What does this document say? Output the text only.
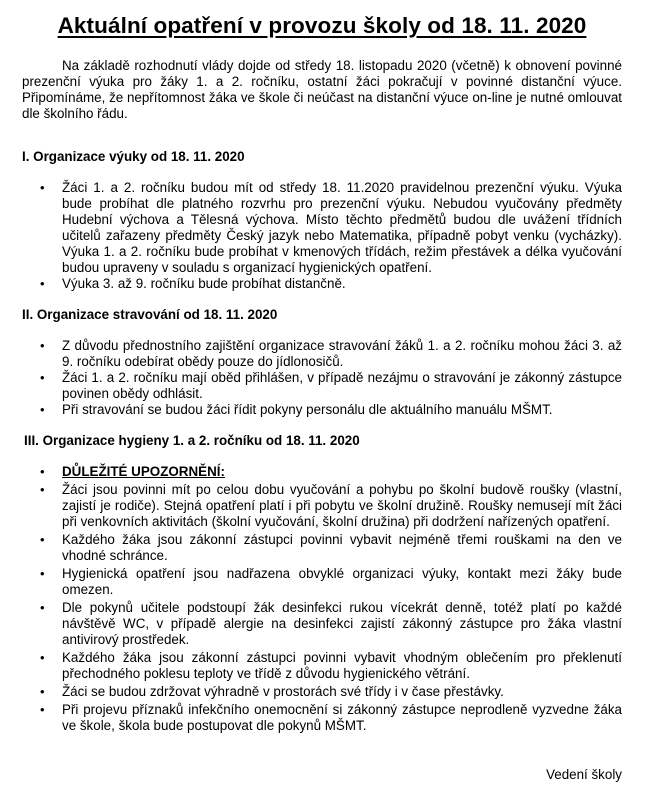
Aktuální opatření v provozu školy od 18. 11. 2020

Na základě rozhodnutí vlády dojde od středy 18. listopadu 2020 (včetně) k obnovení povinné prezenční výuka pro žáky 1. a 2. ročníku, ostatní žáci pokračují v povinné distanční výuce. Připomínáme, že nepřítomnost žáka ve škole či neúčast na distanční výuce on-line je nutné omlouvat dle školního řádu.

I. Organizace výuky od 18. 11. 2020
• Žáci 1. a 2. ročníku budou mít od středy 18. 11.2020 pravidelnou prezenční výuku. Výuka bude probíhat dle platného rozvrhu pro prezenční výuku. Nebudou vyučovány předměty Hudební výchova a Tělesná výchova. Místo těchto předmětů budou dle uvážení třídních učitelů zařazeny předměty Český jazyk nebo Matematika, případně pobyt venku (vycházky). Výuka 1. a 2. ročníku bude probíhat v kmenových třídách, režim přestávek a délka vyučování budou upraveny v souladu s organizací hygienických opatření.
• Výuka 3. až 9. ročníku bude probíhat distančně.
II. Organizace stravování od 18. 11. 2020
• Z důvodu přednostního zajištění organizace stravování žáků 1. a 2. ročníku mohou žáci 3. až 9. ročníku odebírat obědy pouze do jídlonosičů.
• Žáci 1. a 2. ročníku mají oběd přihlášen, v případě nezájmu o stravování je zákonný zástupce povinen obědy odhlásit.
• Při stravování se budou žáci řídit pokyny personálu dle aktuálního manuálu MŠMT.
III. Organizace hygieny 1. a 2. ročníku od 18. 11. 2020
• DŮLEŽITÉ UPOZORNĚNÍ:
• Žáci jsou povinni mít po celou dobu vyučování a pohybu po školní budově roušky (vlastní, zajistí je rodiče). Stejná opatření platí i při pobytu ve školní družině. Roušky nemusejí mít žáci při venkovních aktivitách (školní vyučování, školní družina) při dodržení nařízených opatření.
• Každého žáka jsou zákonní zástupci povinni vybavit nejméně třemi rouškami na den ve vhodné schránce.
• Hygienická opatření jsou nadřazena obvyklé organizaci výuky, kontakt mezi žáky bude omezen.
• Dle pokynů učitele podstoupí žák desinfekci rukou vícekrát denně, totéž platí po každé návštěvě WC, v případě alergie na desinfekci zajistí zákonný zástupce pro žáka vlastní antivirový prostředek.
• Každého žáka jsou zákonní zástupci povinni vybavit vhodným oblečením pro překlenutí přechodného poklesu teploty ve třídě z důvodu hygienického větrání.
• Žáci se budou zdržovat výhradně v prostorách své třídy i v čase přestávky.
• Při projevu příznaků infekčního onemocnění si zákonný zástupce neprodleně vyzvedne žáka ve škole, škola bude postupovat dle pokynů MŠMT.

Vedení školy
